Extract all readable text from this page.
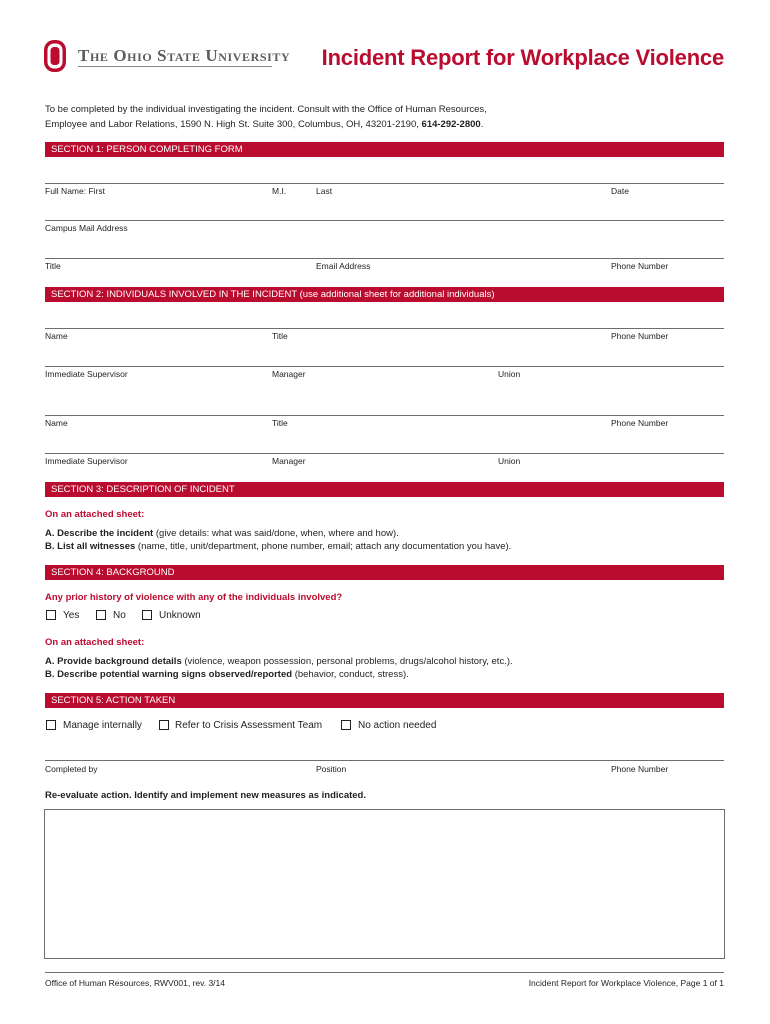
The Ohio State University Incident Report for Workplace Violence
To be completed by the individual investigating the incident. Consult with the Office of Human Resources,
Employee and Labor Relations, 1590 N. High St. Suite 300, Columbus, OH, 43201-2190, 614-292-2800.
SECTION 1: PERSON COMPLETING FORM
Full Name: First	M.I.	Last	Date
Campus Mail Address
Title	Email Address	Phone Number
SECTION 2: INDIVIDUALS INVOLVED IN THE INCIDENT (use additional sheet for additional individuals)
Name	Title	Phone Number
Immediate Supervisor	Manager	Union
Name	Title	Phone Number
Immediate Supervisor	Manager	Union
SECTION 3: DESCRIPTION OF INCIDENT
On an attached sheet:
A. Describe the incident (give details: what was said/done, when, where and how).
B. List all witnesses (name, title, unit/department, phone number, email; attach any documentation you have).
SECTION 4: BACKGROUND
Any prior history of violence with any of the individuals involved?
Yes	No	Unknown
On an attached sheet:
A. Provide background details (violence, weapon possession, personal problems, drugs/alcohol history, etc.).
B. Describe potential warning signs observed/reported (behavior, conduct, stress).
SECTION 5: ACTION TAKEN
Manage internally	Refer to Crisis Assessment Team	No action needed
Completed by	Position	Phone Number
Re-evaluate action. Identify and implement new measures as indicated.
Office of Human Resources, RWV001, rev. 3/14	Incident Report for Workplace Violence, Page 1 of 1
